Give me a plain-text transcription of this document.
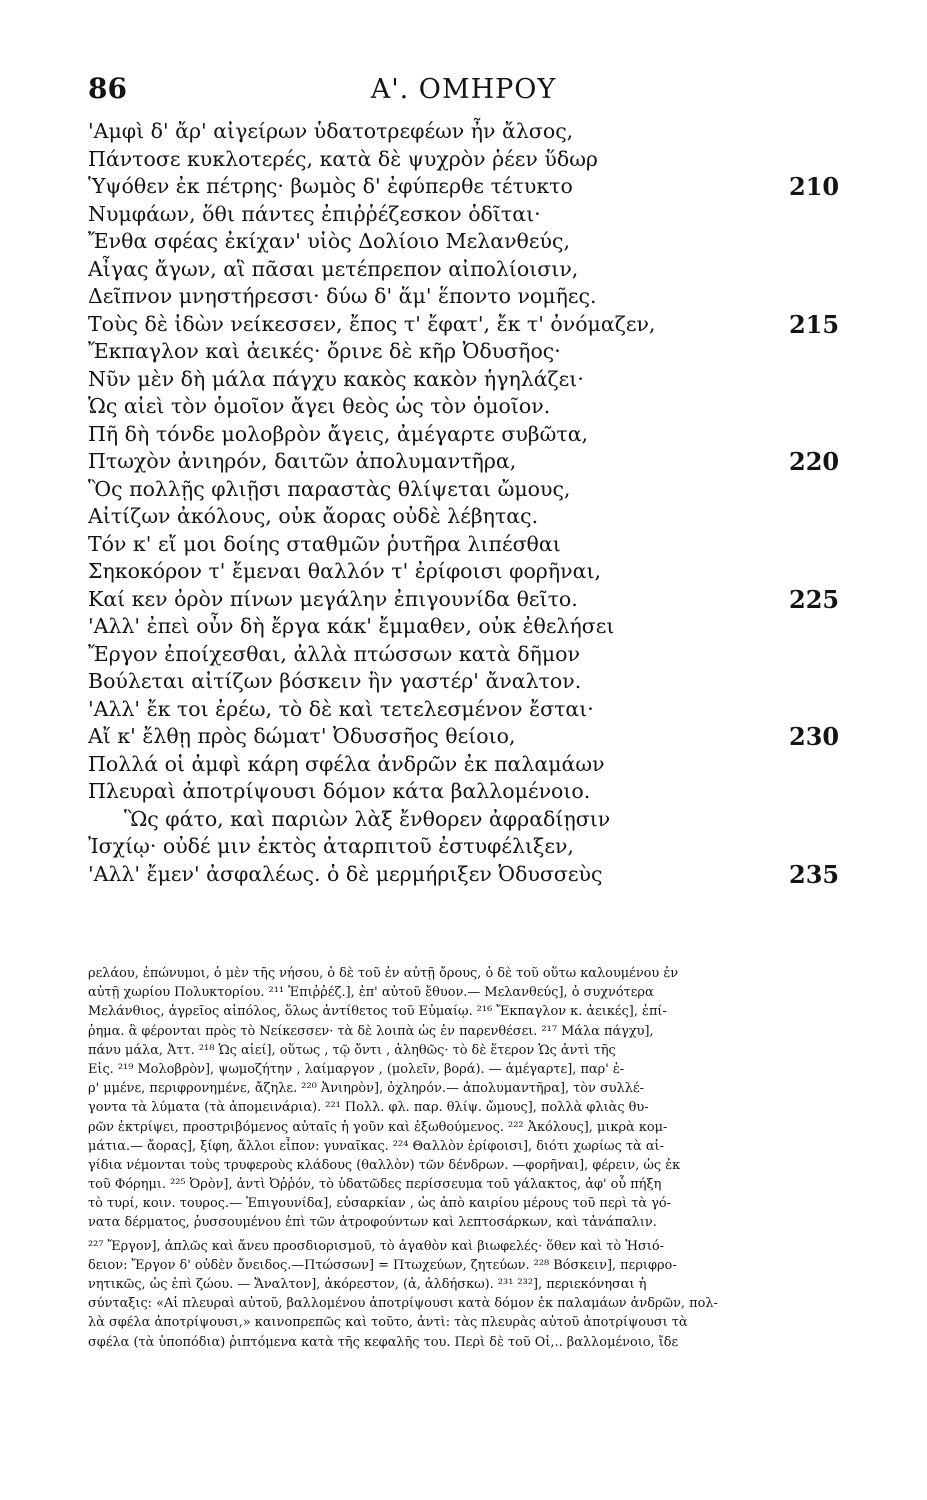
86	Α'. ΟΜΗΡΟΥ
'Αμφὶ δ' ἄρ' αἰγείρων ὑδατοτρεφέων ἦν ἄλσος,
Πάντοσε κυκλοτερές, κατὰ δὲ ψυχρὸν ῥέεν ὕδωρ
Ὑψόθεν ἐκ πέτρης· βωμὸς δ' ἐφύπερθε τέτυκτο	210
Νυμφάων, ὅθι πάντες ἐπιῤῥέζεσκον ὁδῖται·
Ἔνθα σφέας ἐκίχαν' υἱὸς Δολίοιο Μελανθεύς,
Αἶγας ἄγων, αἳ πᾶσαι μετέπρεπον αἰπολίοισιν,
Δεῖπνον μνηστήρεσσι· δύω δ' ἅμ' ἕποντο νομῆες.
Τοὺς δὲ ἰδὼν νείκεσσεν, ἔπος τ' ἔφατ', ἔκ τ' ὀνόμαζεν,	215
Ἔκπαγλον καὶ ἀεικές· ὄρινε δὲ κῆρ Ὀδυσῆος·
Νῦν μὲν δὴ μάλα πάγχυ κακὸς κακὸν ἡγηλάζει·
Ὡς αἰεὶ τὸν ὁμοῖον ἄγει θεὸς ὡς τὸν ὁμοῖον.
Πῆ δὴ τόνδε μολοβρὸν ἄγεις, ἀμέγαρτε συβῶτα,
Πτωχὸν ἀνιηρόν, δαιτῶν ἀπολυμαντῆρα,	220
Ὃς πολλῇς φλιῇσι παραστὰς θλίψεται ὤμους,
Αἰτίζων ἀκόλους, οὐκ ἄορας οὐδὲ λέβητας.
Τόν κ' εἴ μοι δοίης σταθμῶν ῥυτῆρα λιπέσθαι
Σηκοκόρον τ' ἔμεναι θαλλόν τ' ἐρίφοισι φορῆναι,
Καί κεν ὀρὸν πίνων μεγάλην ἐπιγουνίδα θεῖτο.	225
'Αλλ' ἐπεὶ οὖν δὴ ἔργα κάκ' ἔμμαθεν, οὐκ ἐθελήσει
Ἔργον ἐποίχεσθαι, ἀλλὰ πτώσσων κατὰ δῆμον
Βούλεται αἰτίζων βόσκειν ἣν γαστέρ' ἄναλτον.
'Αλλ' ἔκ τοι ἐρέω, τὸ δὲ καὶ τετελεσμένον ἔσται·
Αἴ κ' ἔλθῃ πρὸς δώματ' Ὀδυσσῆος θείοιο,	230
Πολλά οἱ ἀμφὶ κάρη σφέλα ἀνδρῶν ἐκ παλαμάων
Πλευραὶ ἀποτρίψουσι δόμον κάτα βαλλομένοιο.
Ὣς φάτο, καὶ παριὼν λὰξ ἔνθορεν ἀφραδίῃσιν
Ἰσχίῳ· οὐδέ μιν ἐκτὸς ἀταρπιτοῦ ἐστυφέλιξεν,
'Αλλ' ἔμεν' ἀσφαλέως. ὁ δὲ μερμήριξεν Ὀδυσσεὺς	235
ρελάου, ἐπώνυμοι, ὁ μὲν τῆς νήσου, ὁ δὲ τοῦ ἐν αὐτῇ ὄρους, ὁ δὲ τοῦ οὕτω καλουμένου ἐν
αὐτῇ χωρίου Πολυκτορίου. ²¹¹ Ἐπιῤῥέζ.], ἐπ' αὐτοῦ ἔθυον.— Μελανθεύς], ὁ συχνότερα
Μελάνθιος, ἀγρεῖος αἰπόλος, ὅλως ἀντίθετος τοῦ Εὐμαίῳ. ²¹⁶ Ἔκπαγλον κ. ἀεικές], ἐπί-
ῥημα. ἃ φέρονται πρὸς τὸ Νείκεσσεν· τὰ δὲ λοιπὰ ὡς ἐν παρενθέσει. ²¹⁷ Μάλα πάγχυ],
πάνυ μάλα, Ἀττ. ²¹⁸ Ὡς αἰεί], οὕτως , τῷ ὄντι , ἀληθῶς· τὸ δὲ ἕτερον Ὡς ἀντὶ τῆς
Εἰς. ²¹⁹ Μολοβρὸν], ψωμοζήτην , λαίμαργον , (μολεῖν, βορά). — ἀμέγαρτε], παρ' ἐ-
ρ' μμένε, περιφρονημένε, ἄζηλε. ²²⁰ Ἀνιηρὸν], ὀχληρόν.— ἀπολυμαντῆρα], τὸν συλλέ-
γοντα τὰ λύματα (τὰ ἀπομεινάρια). ²²¹ Πολλ. φλ. παρ. θλίψ. ὤμους], πολλὰ φλιὰς θυ-
ρῶν ἐκτρίψει, προστριβόμενος αὐταῖς ἡ γοῦν καὶ ἐξωθούμενος. ²²² Ἀκόλους], μικρὰ κομ-
μάτια.— ἄορας], ξίφη, ἄλλοι εἶπον: γυναῖκας. ²²⁴ Θαλλὸν ἐρίφοισι], διότι χωρίως τὰ αἰ-
γίδια νέμονται τοὺς τρυφεροὺς κλάδους (θαλλὸν) τῶν δένδρων. —φορῆναι], φέρειν, ὡς ἐκ
τοῦ Φόρημι. ²²⁵ Ὀρὸν], ἀντὶ Ὀῤῥόν, τὸ ὑδατῶδες περίσσευμα τοῦ γάλακτος, ἀφ' οὗ πήξη
τὸ τυρί, κοιν. τουρος.— Ἐπιγουνίδα], εὐσαρκίαν , ὡς ἀπὸ καιρίου μέρους τοῦ περὶ τὰ γό-
νατα δέρματος, ῥυσσουμένου ἐπὶ τῶν ἀτροφούντων καὶ λεπτοσάρκων, καὶ τἀνάπαλιν.
²²⁷ Ἔργον], ἁπλῶς καὶ ἄνευ προσδιορισμοῦ, τὸ ἀγαθὸν καὶ βιωφελές· ὅθεν καὶ τὸ Ἡσιό-
δειον: Ἔργον δ' οὐδὲν ὄνειδος.—Πτώσσων] = Πτωχεύων, ζητεύων. ²²⁸ Βόσκειν], περιφρο-
νητικῶς, ὡς ἐπὶ ζώου. — Ἄναλτον], ἀκόρεστον, (ἀ, ἀλδήσκω). ²³¹ ²³²], περιεκόνησαι ἡ
σύνταξις: «Αἱ πλευραὶ αὐτοῦ, βαλλομένου ἀποτρίψουσι κατὰ δόμον ἐκ παλαμάων ἀνδρῶν, πολ-
λὰ σφέλα ἀποτρίψουσι,» καινοπρεπῶς καὶ τοῦτο, ἀντὶ: τὰς πλευρὰς αὐτοῦ ἀποτρίψουσι τὰ
σφέλα (τὰ ὑποπόδια) ῥιπτόμενα κατὰ τῆς κεφαλῆς του. Περὶ δὲ τοῦ Οἱ,.. βαλλομένοιο, ἴδε
